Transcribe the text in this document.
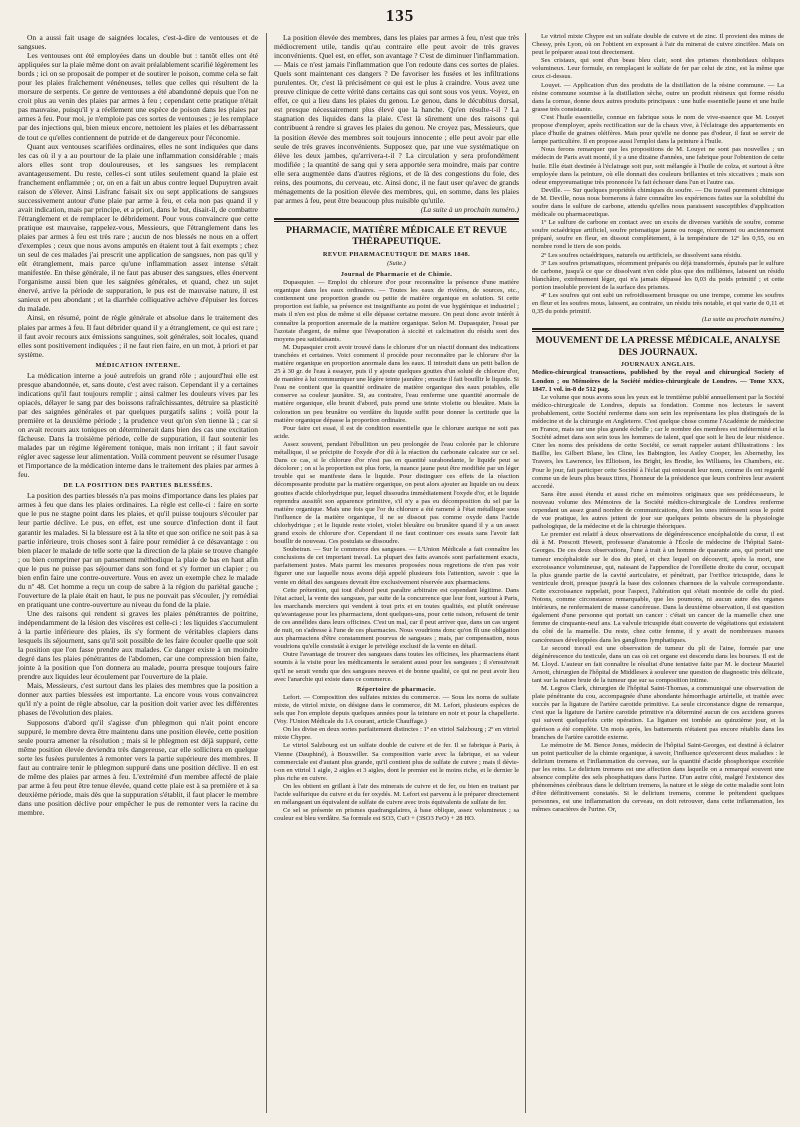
135

On a aussi fait usage de saignées locales, c'est-à-dire de ventouses et de sangsues.

Les ventouses ont été employées dans un double but : tantôt elles ont été appliquées sur la plaie même dont on avait préalablement scarifié légèrement les bords ; ici on se proposait de pomper et de soutirer le poison, comme cela se fait pour les plaies fraîchement vénéneuses, telles que celles qui résultent de la morsure de serpents. Ce genre de ventouses a été abandonné depuis que l'on ne croit plus au venin des plaies par armes à feu ; cependant cette pratique n'était pas mauvaise, puisqu'il y a réellement une espèce de poison dans les plaies par armes à feu. Pour moi, je n'emploie pas ces sortes de ventouses ; je les remplace par des injections qui, bien mieux encore, nettoient les plaies et les débarrassent de tout ce qu'elles contiennent de putride et de dangereux pour l'économie.

Quant aux ventouses scarifiées ordinaires, elles ne sont indiquées que dans les cas où il y a au pourtour de la plaie une inflammation considérable ; mais alors elles sont trop douloureuses, et les sangsues les remplacent avantageusement. Du reste, celles-ci sont utiles seulement quand la plaie est franchement enflammée ; or, on en a fait un abus contre lequel Dupuytren avait raison de s'élever. Ainsi Lisfranc faisait six ou sept applications de sangsues successivement autour d'une plaie par arme à feu, et cela non pas quand il y avait indication, mais par principe, et a priori, dans le but, disait-il, de combattre l'étranglement et de remplacer le débridement. Pour vous convaincre que cette pratique est mauvaise, rappelez-vous, Messieurs, que l'étranglement dans les plaies par armes à feu est très rare ; aucun de nos blessés ne nous en a offert d'exemples ; ceux que nous avons amputés en étaient tout à fait exempts ; chez un seul de ces malades j'ai prescrit une application de sangsues, non pas qu'il y eût étranglement, mais parce qu'une inflammation assez intense s'était manifestée. En thèse générale, il ne faut pas abuser des sangsues, elles énervent l'organisme aussi bien que les saignées générales, et quand, chez un sujet énervé, arrive la période de suppuration, le pus est de mauvaise nature, il est sanieux et peu abondant ; et la diarrhée colliquative achève d'épuiser les forces du malade.

Ainsi, en résumé, point de règle générale et absolue dans le traitement des plaies par armes à feu. Il faut débrider quand il y a étranglement, ce qui est rare ; il faut avoir recours aux émissions sanguines, soit générales, soit locales, quand elles sont positivement indiquées ; il ne faut rien faire, en un mot, à priori et par système.

MÉDICATION INTERNE.

La médication interne a joué autrefois un grand rôle ; aujourd'hui elle est presque abandonnée, et, sans doute, c'est avec raison. Cependant il y a certaines indications qu'il faut toujours remplir ; ainsi calmer les douleurs vives par les opiacés, délayer le sang par des boissons rafraîchissantes, détruire sa plasticité par des saignées générales et par quelques purgatifs salins ; voilà pour la première et la deuxième période ; la prudence veut qu'on s'en tienne là ; car si on avait recours aux toniques on déterminerait dans bien des cas une excitation fâcheuse. Dans la troisième période, celle de suppuration, il faut soutenir les malades par un régime légèrement tonique, mais non irritant ; il faut savoir régler avec sagesse leur alimentation. Voilà comment peuvent se résumer l'usage et l'importance de la médication interne dans le traitement des plaies par armes à feu.

DE LA POSITION DES PARTIES BLESSÉES.

La position des parties blessés n'a pas moins d'importance dans les plaies par armes à feu que dans les plaies ordinaires. La règle est celle-ci : faire en sorte que le pus ne stagne point dans les plaies, et qu'il puisse toujours s'écouler par leur partie déclive. Le pus, en effet, est une source d'infection dont il faut garantir les malades. Si la blessure est à la tête et que son orifice ne soit pas à sa partie inférieure, trois choses sont à faire pour remédier à ce désavantage : ou bien placer le malade de telle sorte que la direction de la plaie se trouve changée ; ou bien comprimer par un pansement méthodique la plaie de bas en haut afin que le pus ne puisse pas séjourner dans son fond et s'y former un clapier ; ou bien enfin faire une contre-ouverture. Vous en avez un exemple chez le malade du nº 48. Cet homme a reçu un coup de sabre à la région du pariétal gauche ; l'ouverture de la plaie était en haut, le pus ne pouvait pas s'écouler, j'y remédiai en pratiquant une contre-ouverture au niveau du fond de la plaie.

Une des raisons qui rendent si graves les plaies pénétrantes de poitrine, indépendamment de la lésion des viscères est celle-ci : les liquides s'accumulent à la partie inférieure des plaies, ils s'y forment de véritables clapiers dans lesquels ils séjournent, sans qu'il soit possible de les faire écouler quelle que soit la position que l'on fasse prendre aux malades. Ce danger existe à un moindre degré dans les plaies pénétrantes de l'abdomen, car une compression bien faite, jointe à la position que l'on donnera au malade, pourra presque toujours faire prendre aux liquides leur écoulement par l'ouverture de la plaie.

Mais, Messieurs, c'est surtout dans les plaies des membres que la position a donner aux parties blessées est importante. La encore vous vous convaincrez qu'il n'y a point de règle absolue, car la position doit varier avec les différentes phases de l'évolution des plaies.

Supposons d'abord qu'il s'agisse d'un phlegmon qui n'ait point encore suppuré, le membre devra être maintenu dans une position élevée, cette position seule pourra amener la résolution ; mais si le phlegmon est déjà suppuré, cette même position élevée deviendra très dangereuse, car elle sollicitera en quelque sorte les fusées purulentes à remonter vers la partie supérieure des membres. Il faut au contraire tenir le phlegmon suppuré dans une position déclive. Il en est de même des plaies par armes à feu. L'extrémité d'un membre affecté de plaie par arme à feu peut être tenue élevée, quand cette plaie est à sa première et à sa deuxième période, mais dès que la suppuration s'établit, il faut placer le membre dans une position déclive pour empêcher le pus de remonter vers la racine du membre.

La position élevée des membres, dans les plaies par armes à feu, n'est que très médiocrement utile, tandis qu'au contraire elle peut avoir de très graves inconvénients. Quel est, en effet, son avantage ? C'est de diminuer l'inflammation. — Mais ce n'est jamais l'inflammation que l'on redoute dans ces sortes de plaies. Quels sont maintenant ces dangers ? De favoriser les fusées et les infiltrations purulentes. Or, c'est là précisément ce qui est le plus à craindre. Vous avez une preuve clinique de cette vérité dans certains cas qui sont sous vos yeux. Voyez, en effet, ce qui a lieu dans les plaies du genou. Le genou, dans le décubitus dorsal, est presque nécessairement plus élevé que la hanche. Qu'en résulte-t-il ? La stagnation des liquides dans la plaie. C'est là sûrement une des raisons qui contribuent à rendre si graves les plaies du genou. Ne croyez pas, Messieurs, que la position élevée des membres soit toujours innocente ; elle peut avoir par elle seule de très graves inconvénients. Supposez que, par une vue systématique on élève les deux jambes, qu'arrivera-t-il ? La circulation y sera profondément modifiée ; la quantité de sang qui y sera apportée sera moindre, mais par contre elle sera augmentée dans d'autres régions, et de là des congestions du foie, des reins, des poumons, du cerveau, etc. Ainsi donc, il ne faut user qu'avec de grands ménagements de la position élevée des membres, qui, en somme, dans les plaies par armes à feu, peut être beaucoup plus nuisible qu'utile.

(La suite à un prochain numéro.)
PHARMACIE, MATIÈRE MÉDICALE ET REVUE THÉRAPEUTIQUE.
REVUE PHARMACEUTIQUE DE MARS 1848.
(Suite.)
Journal de Pharmacie et de Chimie.

Dupasquier. — Emploi du chlorure d'or pour reconnaître la présence d'une matière organique dans les eaux ordinaires. — Toutes les eaux de rivières, de sources, etc., contiennent une proportion grande ou petite de matière organique en solution. Si cette proportion est faible, sa présence est insignifiante au point de vue hygiénique et industriel ; mais il n'en est plus de même si elle dépasse certaine mesure. On peut donc avoir intérêt à connaître la proportion anormale de la matière organique. Selon M. Dupasquier, l'essai par l'azotate d'argent, de même que l'évaporation à siccité et calcination du résidu sont des moyens peu satisfaisants.

M. Dupasquier croit avoir trouvé dans le chlorure d'or un réactif donnant des indications tranchées et certaines. Voici comment il procède pour reconnaître par le chlorure d'or la matière organique en proportion anormale dans les eaux. Il introduit dans un petit ballon de 25 à 30 gr. de l'eau à essayer, puis il y ajoute quelques gouttes d'un soluté de chlorure d'or, de manière à lui communiquer une légère teinte jaunâtre ; ensuite il fait bouillir le liquide. Si l'eau ne contient que la quantité ordinaire de matière organique des eaux potables, elle conserve sa couleur jaunâtre. Si, au contraire, l'eau renferme une quantité anormale de matière organique, elle brunit d'abord, puis prend une teinte violette ou bleuâtre. Mais la coloration un peu brunâtre ou verdâtre du liquide suffit pour donner la certitude que la matière organique dépasse la proportion ordinaire.

Pour faire cet essai, il est de condition essentielle que le chlorure aurique ne soit pas acide.

Assez souvent, pendant l'ébullition un peu prolongée de l'eau colorée par le chlorure métallique, il se précipite de l'oxyde d'or dû à la réaction du carbonate calcaire sur ce sel. Dans ce cas, si le chlorure d'or n'est pas en quantité surabondante, le liquide peut se décolorer ; on si la proportion est plus forte, la nuance jaune peut être modifiée par un léger trouble qui se manifeste dans le liquide. Pour distinguer ces effets de la réaction décomposante produite par la matière organique, on peut alors ajouter au liquide un ou deux gouttes d'acide chlorhydrique pur, lequel dissoudra immédiatement l'oxyde d'or, et le liquide reprendra aussitôt son apparence primitive, s'il n'y a pas eu décomposition du sel par la matière organique. Mais une fois que l'or du chlorure a été ramené à l'état métallique sous l'influence de la matière organique, il ne se dissout pas comme oxyde dans l'acide chlorhydrique ; et le liquide reste violet, violet bleuâtre ou brunâtre quand il y a un assez grand excès de chlorure d'or. Cependant il ne faut continuer ces essais sans l'avoir fait bouillir de nouveau. Ces postulats se dissoudre.

Soubeiran. — Sur le commerce des sangsues. — L'Union Médicale a fait connaître les conclusions de cet important travail. La plupart des faits avancés sont parfaitement exacts, parfaitement justes. Mais parmi les mesures proposées nous regrettons de n'en pas voir figurer une sur laquelle nous avons déjà appelé plusieurs fois l'attention, savoir : que la vente en détail des sangsues devrait être exclusivement réservée aux pharmaciens.

Cette prétention, qui tout d'abord peut paraître arbitraire est cependant légitime. Dans l'état actuel, la vente des sangsues, par suite de la concurrence que leur font, surtout à Paris, les marchands merciers qui vendent à tout prix et en toutes qualités, est plutôt onéreuse qu'avantageuse pour les pharmaciens, dont quelques-uns, pour cette raison, refusent de tenir de ces annélides dans leurs officines. C'est un mal, car il peut arriver que, dans un cas urgent de nuit, on s'adresse à l'une de ces pharmacies. Nous voudrions donc qu'on fît une obligation aux pharmaciens d'être constamment pourvus de sangsues ; mais, par compensation, nous voudrions qu'elle consistât à exiger le privilège exclusif de la vente en détail.

Outre l'avantage de trouver des sangsues dans toutes les officines, les pharmaciens étant soumis à la visite pour les médicaments le seraient aussi pour les sangsues ; il s'ensuivrait qu'il ne serait vendu que des sangsues neuves et de bonne qualité, ce qui ne peut avoir lieu avec l'anarchie qui existe dans ce commerce.

Répertoire de pharmacie.

Lefort. — Composition des sulfates mixtes du commerce. — Sous les noms de sulfate mixte, de vitriol mixte, on désigne dans le commerce, dit M. Lefort, plusieurs espèces de sels que l'on emploie depuis quelques années pour la teinture en noir et pour la chapellerie. (Voy. l'Union Médicale du 1A courant, article Chauffage.)

On les divise en deux sortes parfaitement distinctes : 1º en vitriol Salzbourg ; 2º en vitriol mixte Chypre.

Le vitriol Salzbourg est un sulfate double de cuivre et de fer. Il se fabrique à Paris, à Vienne (Dauphiné), à Bouxwiller. Sa composition varie avec la fabrique, et sa valeur commerciale est d'autant plus grande, qu'il contient plus de sulfate de cuivre ; mais il dévie-t-on en vitriol 1 aigle, 2 aigles et 3 aigles, dont le premier est le moins riche, et le dernier le plus riche en cuivre.

On les obtient en grillant à l'air des minerais de cuivre et de fer, ou bien en traitant par l'acide sulfurique du cuivre et du fer oxydés. M. Lefort est parvenu à le préparer directement en mélangeant un équivalent de sulfate de cuivre avec trois équivalents de sulfate de fer.

Ce sel se présente en prismes quadrangulaires, à base oblique, assez volumineux ; sa couleur est bleu verdâtre. Sa formule est SO3, CuO + (3SO3 FeO) + 28 HO.

Le vitriol mixte Chypre est un sulfate double de cuivre et de zinc. Il provient des mines de Chessy, près Lyon, où on l'obtient en exposant à l'air du minerai de cuivre zincifère. Mais on peut le préparer aussi tout directement.

Ses cristaux, qui sont d'un beau bleu clair, sont des prismes rhomboïdaux obliques volumineux. Leur formule, en remplaçant le sulfate de fer par celui de zinc, est la même que ceux ci-dessus.

Louyet. — Application d'un des produits de la distillation de la résine commune. — La résine commune soumise à la distillation sèche, outre un produit résineux qui forme résidu dans la cornue, donne deux autres produits principaux : une huile essentielle jaune et une huile grasse très consistante.

C'est l'huile essentielle, connue en fabrique sous le nom de vive-essence que M. Louyet propose d'employer, après rectification sur de la chaux vive, à l'éclairage des appartements en place d'huile de graines oléifères. Mais pour qu'elle ne donne pas d'odeur, il faut se servir de lampe particulière. Il en propose aussi l'emploi dans la peinture à l'huile.

Nous ferons remarquer que les propositions de M. Louyet ne sont pas nouvelles ; un médecin de Paris avait monté, il y a une dizaine d'années, une fabrique pour l'obtention de cette huile. Elle était destinée à l'éclairage soit pur, soit mélangée à l'huile de colza, et surtout à être employée dans la peinture, où elle donnait des couleurs brillantes et très siccatives ; mais son odeur empyreumatique très prononcée l'a fait échouer dans l'un et l'autre cas.

Deville. — Sur quelques propriétés chimiques du soufre. — Du travail purement chimique de M. Deville, nous nous bornerons à faire connaître les expériences faites sur la solubilité du soufre dans le sulfure de carbone, attendu qu'elles nous paraissent susceptibles d'application médicale ou pharmaceutique.

1º Le sulfure de carbone en contact avec un excès de diverses variétés de soufre, comme soufre octaédrique artificiel, soufre prismatique jaune ou rouge, récemment ou anciennement préparé, soufre en fleur, en dissout complètement, à la température de 12º les 0,55, ou en nombre rond le tiers de son poids.

2º Les soufres octaédriques, naturels ou artificiels, se dissolvent sans résidu.

3º Les soufres prismatiques, récemment préparés ou déjà transformés, épuisés par le sulfure de carbone, jusqu'à ce que ce dissolvant n'en cède plus que des millièmes, laissent un résidu blanchâtre, extrêmement léger, qui n'a jamais dépassé les 0,03 du poids primitif ; et cette portion insoluble provient de la surface des prismes.

4º Les soufres qui ont subi un refroidissement brusque ou une trempe, comme les soufres en fleur et les soufres mous, laissent, au contraire, un résidu très notable, et qui varie de 0,11 et 0,35 du poids primitif.

(La suite au prochain numéro.)
MOUVEMENT DE LA PRESSE MÉDICALE, ANALYSE DES JOURNAUX.
JOURNAUX ANGLAIS.

Medico-chirurgical transactions, published by the royal and chirurgical Society of London ; ou Mémoires de la Société médico-chirurgicale de Londres. — Tome XXX, 1847. 1 vol. in-8 de 512 pag.

Le volume que nous avons sous les yeux est le trentième publié annuellement par la Société médico-chirurgicale de Londres, depuis sa fondation. Comme nos lecteurs le savent probablement, cette Société renferme dans son sein les représentans les plus distingués de la médecine et de la chirurgie en Angleterre. C'est quelque chose comme l'Académie de médecine en France, mais sur une plus grande échelle ; car le nombre des membres est indéterminé et la Société admet dans son sein tous les hommes de talent, quel que soit le lieu de leur résidence. Citer les noms des présidens de cette Société, ce serait rappeler autant d'illustrations : les Baillie, les Gilbert Blane, les Cline, les Babington, les Astley Cooper, les Abernethy, les Travers, les Lawrence, les Elliotson, les Bright, les Brodie, les Williams, les Chambers, etc. Pour le jour, fait participer cette Société à l'éclat qui entourait leur nom, comme ils ont regardé comme un de leurs plus beaux titres, l'honneur de la présidence que leurs confrères leur avaient accordé.

Sans être aussi étendu et aussi riche en mémoires originaux que ses prédécesseurs, le nouveau volume des Mémoires de la Société médico-chirurgicale de Londres renferme cependant un assez grand nombre de communications, dont les unes intéressent sous le point de vue pratique, les autres jettent de jour sur quelques points obscurs de la physiologie pathologique, de la médecine et de la chirurgie théoriques.

Le premier est relatif à deux observations de dégénérescence encéphaloïde du cœur, il est dû à M. Prescott Hewett, professeur d'anatomie à l'École de médecine de l'hôpital Saint-Georges. De ces deux observations, l'une à trait à un homme de quarante ans, qui portait une tumeur encéphaloïde sur le dos du pied, et chez lequel on découvrit, après la mort, une excroissance volumineuse, qui, naissant de l'appendice de l'oreillette droite du cœur, occupait la plus grande partie de la cavité auriculaire, et pénétrait, par l'orifice tricuspide, dans le ventricule droit, presque jusqu'à la base des colonnes charnues de la valvule correspondante. Cette excroissance rappelait, pour l'aspect, l'altération qui s'était montrée de celle du pied. Notons, comme circonstance remarquable, que les poumons, ni aucun autre des organes intérieurs, ne renfermaient de masse cancéreuse. Dans la deuxième observation, il est question également d'une personne qui portait un cancer : c'était un cancer de la mamelle chez une femme de cinquante-neuf ans. La valvule tricuspide était couverte de végétations qui existaient du côté de la mamelle. Du reste, chez cette femme, il y avait de nombreuses masses cancéreuses développées dans les ganglions lymphatiques.

Le second travail est une observation de tumeur du pli de l'aine, formée par une dégénérescence du testicule, dans un cas où cet organe est descendu dans les bourses. Il est de M. Lloyd. L'auteur en fait connaître le résultat d'une tentative faite par M. le docteur Mauriel Arnott, chirurgien de l'hôpital de Middlesex à soulever une question de diagnostic très délicate, tant sur la nature brute de la tumeur que sur sa composition intime.

M. Legros Clark, chirurgien de l'hôpital Saint-Thomas, a communiqué une observation de plaie pénétrante du cou, accompagnée d'une abondante hémorrhagie artérielle, et traitée avec succès par la ligature de l'artère carotide primitive. La seule circonstance digne de remarque, c'est que la ligature de l'artère carotide primitive n'a déterminé aucun de ces accidens graves qui suivent quelquefois cette opération. La ligature est tombée au quinzième jour, et la guérison a été complète. Un mois après, les battements n'étaient pas encore rétablis dans les branches de l'artère carotide externe.

Le mémoire de M. Bence Jones, médecin de l'hôpital Saint-Georges, est destiné à éclairer un point particulier de la chimie organique, à savoir, l'influence qu'exercent deux maladies : le delirium tremens et l'inflammation du cerveau, sur la quantité d'acide phosphorique excrétée par les reins. Le delirium tremens est une affection dans laquelle on a remarqué souvent une absence complète des sels phosphatiques dans l'urine. D'un autre côté, malgré l'existence des phénomènes cérébraux dans le delirium tremens, la nature et le siège de cette maladie sont loin d'être définitivement constatés. Si le delirium tremens, comme le prétendent quelques personnes, est une inflammation du cerveau, on doit retrouver, dans cette inflammation, les mêmes caractères de l'urine. Or,
